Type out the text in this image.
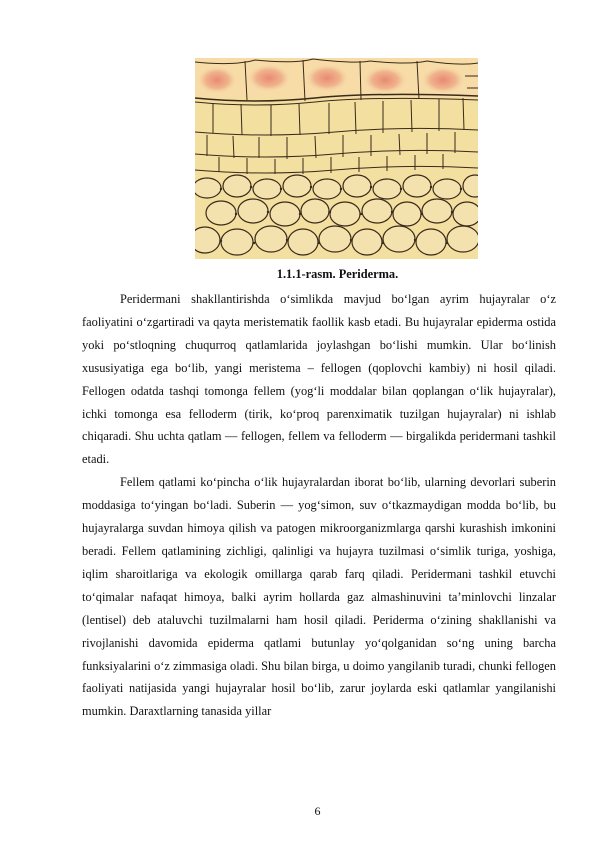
1.1.1-rasm. Periderma.

Peridermani shakllantirishda o‘simlikda mavjud bo‘lgan ayrim hujayralar o‘z faoliyatini o‘zgartiradi va qayta meristematik faollik kasb etadi. Bu hujayralar epiderma ostida yoki po‘stloqning chuqurroq qatlamlarida joylashgan bo‘lishi mumkin. Ular bo‘linish xususiyatiga ega bo‘lib, yangi meristema – fellogen (qoplovchi kambiy) ni hosil qiladi. Fellogen odatda tashqi tomonga fellem (yog‘li moddalar bilan qoplangan o‘lik hujayralar), ichki tomonga esa felloderm (tirik, ko‘proq parenximatik tuzilgan hujayralar) ni ishlab chiqaradi. Shu uchta qatlam — fellogen, fellem va felloderm — birgalikda peridermani tashkil etadi.

Fellem qatlami ko‘pincha o‘lik hujayralardan iborat bo‘lib, ularning devorlari suberin moddasiga to‘yingan bo‘ladi. Suberin — yog‘simon, suv o‘tkazmaydigan modda bo‘lib, bu hujayralarga suvdan himoya qilish va patogen mikroorganizmlarga qarshi kurashish imkonini beradi. Fellem qatlamining zichligi, qalinligi va hujayra tuzilmasi o‘simlik turiga, yoshiga, iqlim sharoitlariga va ekologik omillarga qarab farq qiladi. Peridermani tashkil etuvchi to‘qimalar nafaqat himoya, balki ayrim hollarda gaz almashinuvini ta’minlovchi linzalar (lentisel) deb ataluvchi tuzilmalarni ham hosil qiladi. Periderma o‘zining shakllanishi va rivojlanishi davomida epiderma qatlami butunlay yo‘qolganidan so‘ng uning barcha funksiyalarini o‘z zimmasiga oladi. Shu bilan birga, u doimo yangilanib turadi, chunki fellogen faoliyati natijasida yangi hujayralar hosil bo‘lib, zarur joylarda eski qatlamlar yangilanishi mumkin. Daraxtlarning tanasida yillar

6
